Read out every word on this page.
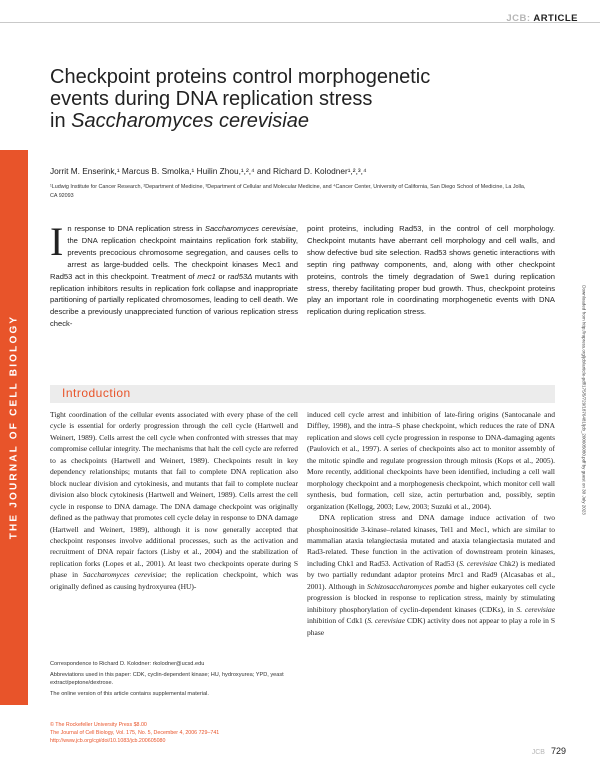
JCB: ARTICLE
THE JOURNAL OF CELL BIOLOGY
Checkpoint proteins control morphogenetic
events during DNA replication stress
in Saccharomyces cerevisiae
Jorrit M. Enserink,¹ Marcus B. Smolka,¹ Huilin Zhou,¹,²,⁴ and Richard D. Kolodner¹,²,³,⁴
¹Ludwig Institute for Cancer Research, ²Department of Medicine, ³Department of Cellular and Molecular Medicine, and ⁴Cancer Center, University of California, San Diego School of Medicine, La Jolla, CA 92093
In response to DNA replication stress in Saccharomyces cerevisiae, the DNA replication checkpoint maintains replication fork stability, prevents precocious chromosome segregation, and causes cells to arrest as large-budded cells. The checkpoint kinases Mec1 and Rad53 act in this checkpoint. Treatment of mec1 or rad53Δ mutants with replication inhibitors results in replication fork collapse and inappropriate partitioning of partially replicated chromosomes, leading to cell death. We describe a previously unappreciated function of various replication stress check-
point proteins, including Rad53, in the control of cell morphology. Checkpoint mutants have aberrant cell morphology and cell walls, and show defective bud site selection. Rad53 shows genetic interactions with septin ring pathway components, and, along with other checkpoint proteins, controls the timely degradation of Swe1 during replication stress, thereby facilitating proper bud growth. Thus, checkpoint proteins play an important role in coordinating morphogenetic events with DNA replication during replication stress.
Introduction

Tight coordination of the cellular events associated with every phase of the cell cycle is essential for orderly progression through the cell cycle (Hartwell and Weinert, 1989). Cells arrest the cell cycle when confronted with stresses that may compromise cellular integrity. The mechanisms that halt the cell cycle are referred to as checkpoints (Hartwell and Weinert, 1989). Checkpoints result in key dependency relationships; mutants that fail to complete DNA replication also block nuclear division and cytokinesis, and mutants that fail to complete nuclear division also block cytokinesis (Hartwell and Weinert, 1989). Cells arrest the cell cycle in response to DNA damage. The DNA damage checkpoint was originally defined as the pathway that promotes cell cycle delay in response to DNA damage (Hartwell and Weinert, 1989), although it is now generally accepted that checkpoint responses involve additional processes, such as the activation and recruitment of DNA repair factors (Lisby et al., 2004) and the stabilization of replication forks (Lopes et al., 2001). At least two checkpoints operate during S phase in Saccharomyces cerevisiae; the replication checkpoint, which was originally defined as causing hydroxyurea (HU)-

induced cell cycle arrest and inhibition of late-firing origins (Santocanale and Diffley, 1998), and the intra–S phase checkpoint, which reduces the rate of DNA replication and slows cell cycle progression in response to DNA-damaging agents (Paulovich et al., 1997). A series of checkpoints also act to monitor assembly of the mitotic spindle and regulate progression through mitosis (Kops et al., 2005). More recently, additional checkpoints have been identified, including a cell wall morphology checkpoint and a morphogenesis checkpoint, which monitor cell wall synthesis, bud formation, cell size, actin perturbation and, possibly, septin organization (Kellogg, 2003; Lew, 2003; Suzuki et al., 2004).

DNA replication stress and DNA damage induce activation of two phosphoinositide 3-kinase–related kinases, Tel1 and Mec1, which are similar to mammalian ataxia telangiectasia mutated and ataxia telangiectasia mutated and Rad3-related. These function in the activation of downstream protein kinases, including Chk1 and Rad53. Activation of Rad53 (S. cerevisiae Chk2) is mediated by two partially redundant adaptor proteins Mrc1 and Rad9 (Alcasabas et al., 2001). Although in Schizosaccharomyces pombe and higher eukaryotes cell cycle progression is blocked in response to replication stress, mainly by stimulating inhibitory phosphorylation of cyclin-dependent kinases (CDKs), in S. cerevisiae inhibition of Cdk1 (S. cerevisiae CDK) activity does not appear to play a role in S phase

Correspondence to Richard D. Kolodner: rkolodner@ucsd.edu

Abbreviations used in this paper: CDK, cyclin-dependent kinase; HU, hydroxyurea; YPD, yeast extract/peptone/dextrose.

The online version of this article contains supplemental material.

© The Rockefeller University Press $8.00
The Journal of Cell Biology, Vol. 175, No. 5, December 4, 2006 729–741
http://www.jcb.org/cgi/doi/10.1083/jcb.200605080
JCB 729
Downloaded from http://rupress.org/jcb/article-pdf/175/5/729/1876481/jcb_200605080.pdf by guest on 30 July 2023
